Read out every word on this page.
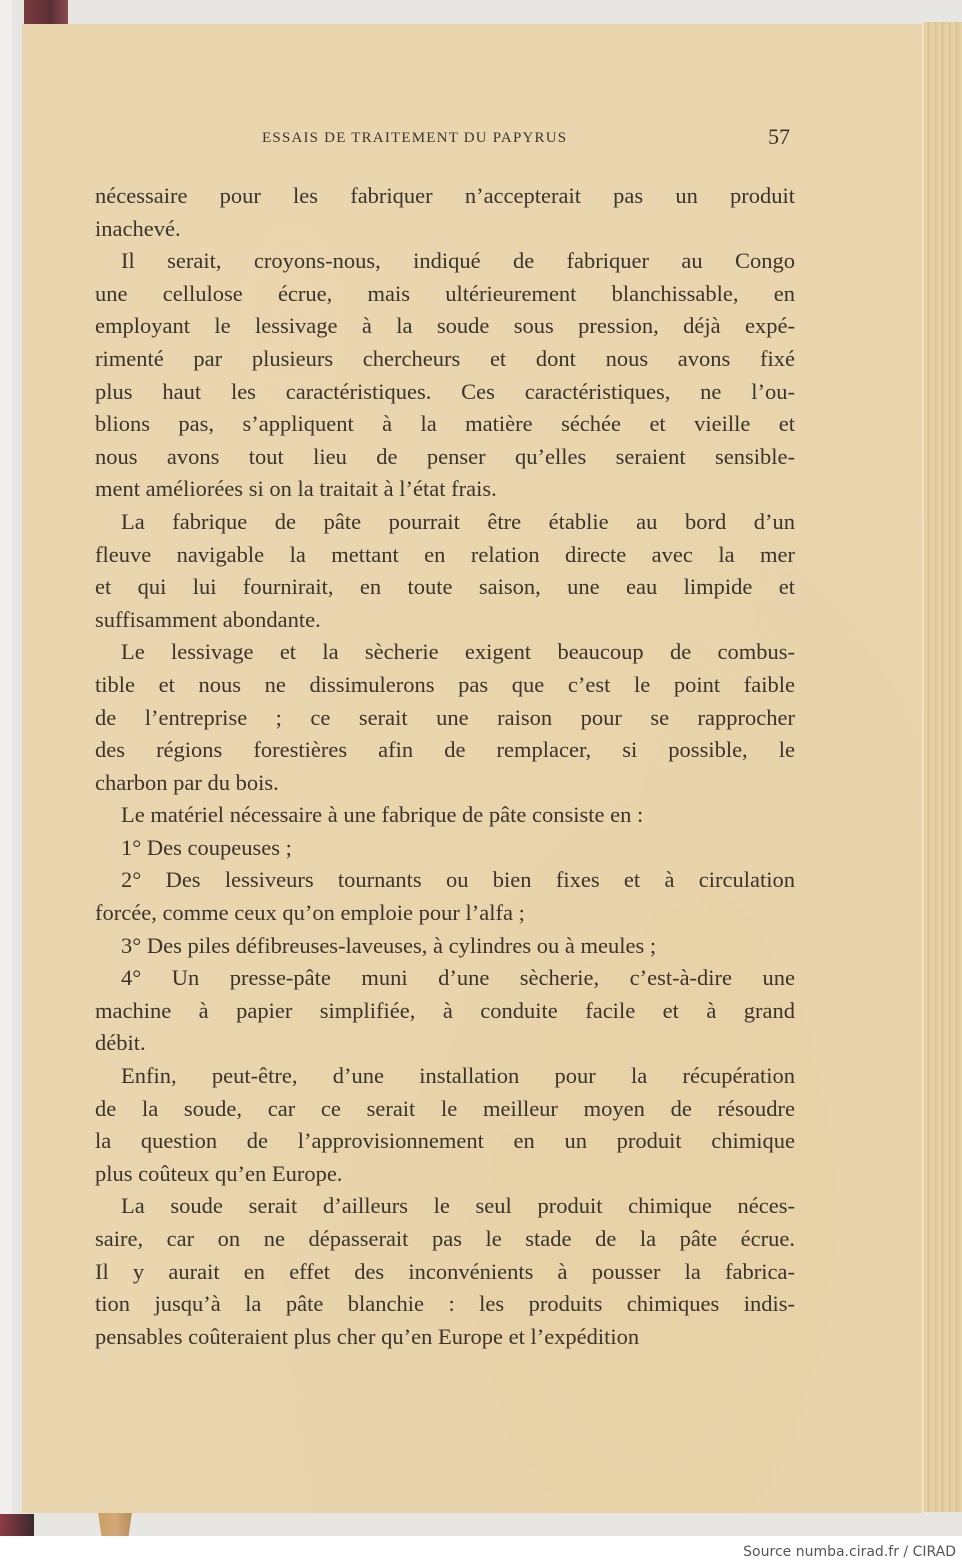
ESSAIS DE TRAITEMENT DU PAPYRUS	57
nécessaire pour les fabriquer n’accepterait pas un produit
inachevé.
Il serait, croyons-nous, indiqué de fabriquer au Congo
une cellulose écrue, mais ultérieurement blanchissable, en
employant le lessivage à la soude sous pression, déjà expé-
rimenté par plusieurs chercheurs et dont nous avons fixé
plus haut les caractéristiques. Ces caractéristiques, ne l’ou-
blions pas, s’appliquent à la matière séchée et vieille et
nous avons tout lieu de penser qu’elles seraient sensible-
ment améliorées si on la traitait à l’état frais.
La fabrique de pâte pourrait être établie au bord d’un
fleuve navigable la mettant en relation directe avec la mer
et qui lui fournirait, en toute saison, une eau limpide et
suffisamment abondante.
Le lessivage et la sècherie exigent beaucoup de combus-
tible et nous ne dissimulerons pas que c’est le point faible
de l’entreprise ; ce serait une raison pour se rapprocher
des régions forestières afin de remplacer, si possible, le
charbon par du bois.
Le matériel nécessaire à une fabrique de pâte consiste en :
1° Des coupeuses ;
2° Des lessiveurs tournants ou bien fixes et à circulation
forcée, comme ceux qu’on emploie pour l’alfa ;
3° Des piles défibreuses-laveuses, à cylindres ou à meules ;
4° Un presse-pâte muni d’une sècherie, c’est-à-dire une
machine à papier simplifiée, à conduite facile et à grand
débit.
Enfin, peut-être, d’une installation pour la récupération
de la soude, car ce serait le meilleur moyen de résoudre
la question de l’approvisionnement en un produit chimique
plus coûteux qu’en Europe.
La soude serait d’ailleurs le seul produit chimique néces-
saire, car on ne dépasserait pas le stade de la pâte écrue.
Il y aurait en effet des inconvénients à pousser la fabrica-
tion jusqu’à la pâte blanchie : les produits chimiques indis-
pensables coûteraient plus cher qu’en Europe et l’expédition
Source numba.cirad.fr / CIRAD
